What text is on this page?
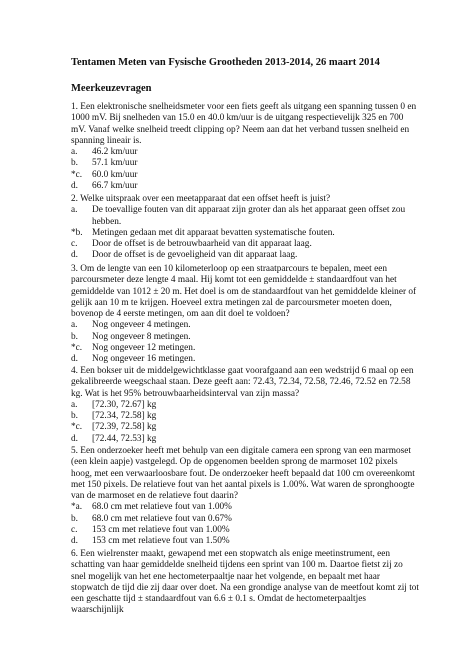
Tentamen Meten van Fysische Grootheden 2013-2014, 26 maart 2014
Meerkeuzevragen
1. Een elektronische snelheidsmeter voor een fiets geeft als uitgang een spanning tussen 0 en 1000 mV. Bij snelheden van 15.0 en 40.0 km/uur is de uitgang respectievelijk 325 en 700 mV. Vanaf welke snelheid treedt clipping op? Neem aan dat het verband tussen snelheid en spanning lineair is.
a.	46.2 km/uur
b.	57.1 km/uur
*c.	60.0 km/uur
d.	66.7 km/uur
2. Welke uitspraak over een meetapparaat dat een offset heeft is juist?
a.	De toevallige fouten van dit apparaat zijn groter dan als het apparaat geen offset zou hebben.
*b.	Metingen gedaan met dit apparaat bevatten systematische fouten.
c.	Door de offset is de betrouwbaarheid van dit apparaat laag.
d.	Door de offset is de gevoeligheid van dit apparaat laag.
3. Om de lengte van een 10 kilometerloop op een straatparcours te bepalen, meet een parcoursmeter deze lengte 4 maal. Hij komt tot een gemiddelde ± standaardfout van het gemiddelde van 1012 ± 20 m. Het doel is om de standaardfout van het gemiddelde kleiner of gelijk aan 10 m te krijgen. Hoeveel extra metingen zal de parcoursmeter moeten doen, bovenop de 4 eerste metingen, om aan dit doel te voldoen?
a.	Nog ongeveer 4 metingen.
b.	Nog ongeveer 8 metingen.
*c.	Nog ongeveer 12 metingen.
d.	Nog ongeveer 16 metingen.
4. Een bokser uit de middelgewichtklasse gaat voorafgaand aan een wedstrijd 6 maal op een gekalibreerde weegschaal staan. Deze geeft aan: 72.43, 72.34, 72.58, 72.46, 72.52 en 72.58 kg. Wat is het 95% betrouwbaarheidsinterval van zijn massa?
a.	[72.30, 72.67] kg
b.	[72.34, 72.58] kg
*c.	[72.39, 72.58] kg
d.	[72.44, 72.53] kg
5. Een onderzoeker heeft met behulp van een digitale camera een sprong van een marmoset (een klein aapje) vastgelegd. Op de opgenomen beelden sprong de marmoset 102 pixels hoog, met een verwaarloosbare fout. De onderzoeker heeft bepaald dat 100 cm overeenkomt met 150 pixels. De relatieve fout van het aantal pixels is 1.00%. Wat waren de spronghoogte van de marmoset en de relatieve fout daarin?
*a.	68.0 cm met relatieve fout van 1.00%
b.	68.0 cm met relatieve fout van 0.67%
c.	153 cm met relatieve fout van 1.00%
d.	153 cm met relatieve fout van 1.50%
6. Een wielrenster maakt, gewapend met een stopwatch als enige meetinstrument, een schatting van haar gemiddelde snelheid tijdens een sprint van 100 m. Daartoe fietst zij zo snel mogelijk van het ene hectometerpaaltje naar het volgende, en bepaalt met haar stopwatch de tijd die zij daar over doet. Na een grondige analyse van de meetfout komt zij tot een geschatte tijd ± standaardfout van 6.6 ± 0.1 s. Omdat de hectometerpaaltjes waarschijnlijk
